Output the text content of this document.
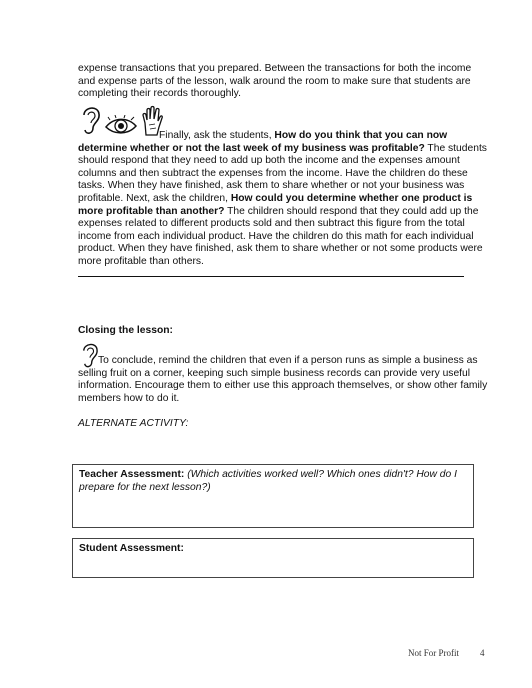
expense transactions that you prepared. Between the transactions for both the income and expense parts of the lesson, walk around the room to make sure that students are completing their records thoroughly.

Finally, ask the students, How do you think that you can now determine whether or not the last week of my business was profitable? The students should respond that they need to add up both the income and the expenses amount columns and then subtract the expenses from the income. Have the children do these tasks. When they have finished, ask them to share whether or not your business was profitable. Next, ask the children, How could you determine whether one product is more profitable than another? The children should respond that they could add up the expenses related to different products sold and then subtract this figure from the total income from each individual product. Have the children do this math for each individual product. When they have finished, ask them to share whether or not some products were more profitable than others.

Closing the lesson:

To conclude, remind the children that even if a person runs as simple a business as selling fruit on a corner, keeping such simple business records can provide very useful information. Encourage them to either use this approach themselves, or show other family members how to do it.

ALTERNATE ACTIVITY:

Teacher Assessment: (Which activities worked well? Which ones didn't? How do I prepare for the next lesson?)
Student Assessment:
Not For Profit 4
